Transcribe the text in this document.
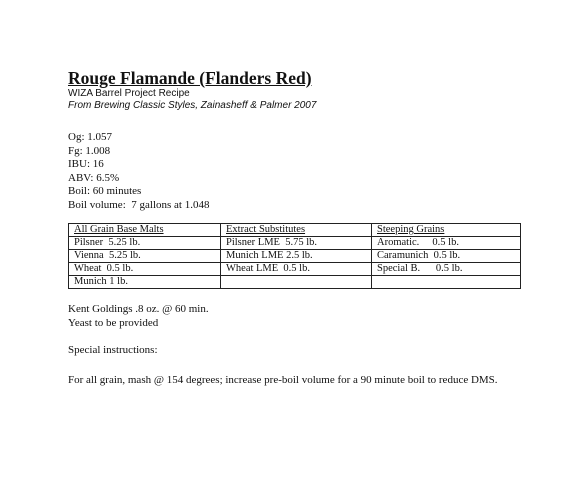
Rouge Flamande (Flanders Red)

WIZA Barrel Project Recipe

From Brewing Classic Styles, Zainasheff & Palmer 2007

Og: 1.057
Fg: 1.008
IBU: 16
ABV: 6.5%
Boil: 60 minutes
Boil volume:  7 gallons at 1.048
All Grain Base Malts	Extract Substitutes	Steeping Grains
Pilsner  5.25 lb.	Pilsner LME  5.75 lb.	Aromatic.     0.5 lb.
Vienna  5.25 lb.	Munich LME 2.5 lb.	Caramunich  0.5 lb.
Wheat  0.5 lb.	Wheat LME  0.5 lb.	Special B.      0.5 lb.
Munich 1 lb.		
Kent Goldings .8 oz. @ 60 min.
Yeast to be provided
Special instructions:
For all grain, mash @ 154 degrees; increase pre-boil volume for a 90 minute boil to reduce DMS.
